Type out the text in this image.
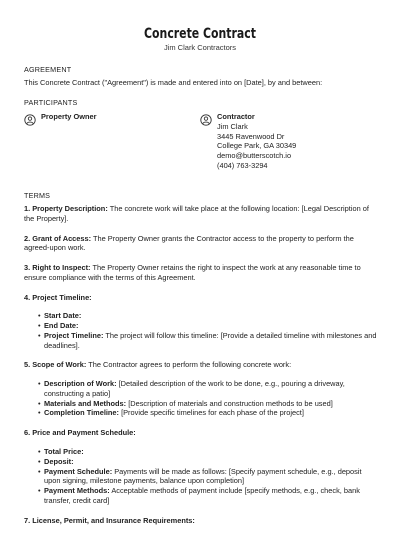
Concrete Contract

Jim Clark Contractors

AGREEMENT

This Concrete Contract ("Agreement") is made and entered into on [Date], by and between:

PARTICIPANTS

Property Owner	Contractor
Jim Clark
3445 Ravenwood Dr
College Park, GA 30349
demo@butterscotch.io
(404) 763-3294

TERMS

1. Property Description: The concrete work will take place at the following location: [Legal Description of the Property].

2. Grant of Access: The Property Owner grants the Contractor access to the property to perform the agreed-upon work.

3. Right to Inspect: The Property Owner retains the right to inspect the work at any reasonable time to ensure compliance with the terms of this Agreement.

4. Project Timeline:

• Start Date:
• End Date:
• Project Timeline: The project will follow this timeline: [Provide a detailed timeline with milestones and deadlines].

5. Scope of Work: The Contractor agrees to perform the following concrete work:

• Description of Work: [Detailed description of the work to be done, e.g., pouring a driveway, constructing a patio]
• Materials and Methods: [Description of materials and construction methods to be used]
• Completion Timeline: [Provide specific timelines for each phase of the project]

6. Price and Payment Schedule:

• Total Price:
• Deposit:
• Payment Schedule: Payments will be made as follows: [Specify payment schedule, e.g., deposit upon signing, milestone payments, balance upon completion]
• Payment Methods: Acceptable methods of payment include [specify methods, e.g., check, bank transfer, credit card]

7. License, Permit, and Insurance Requirements:
